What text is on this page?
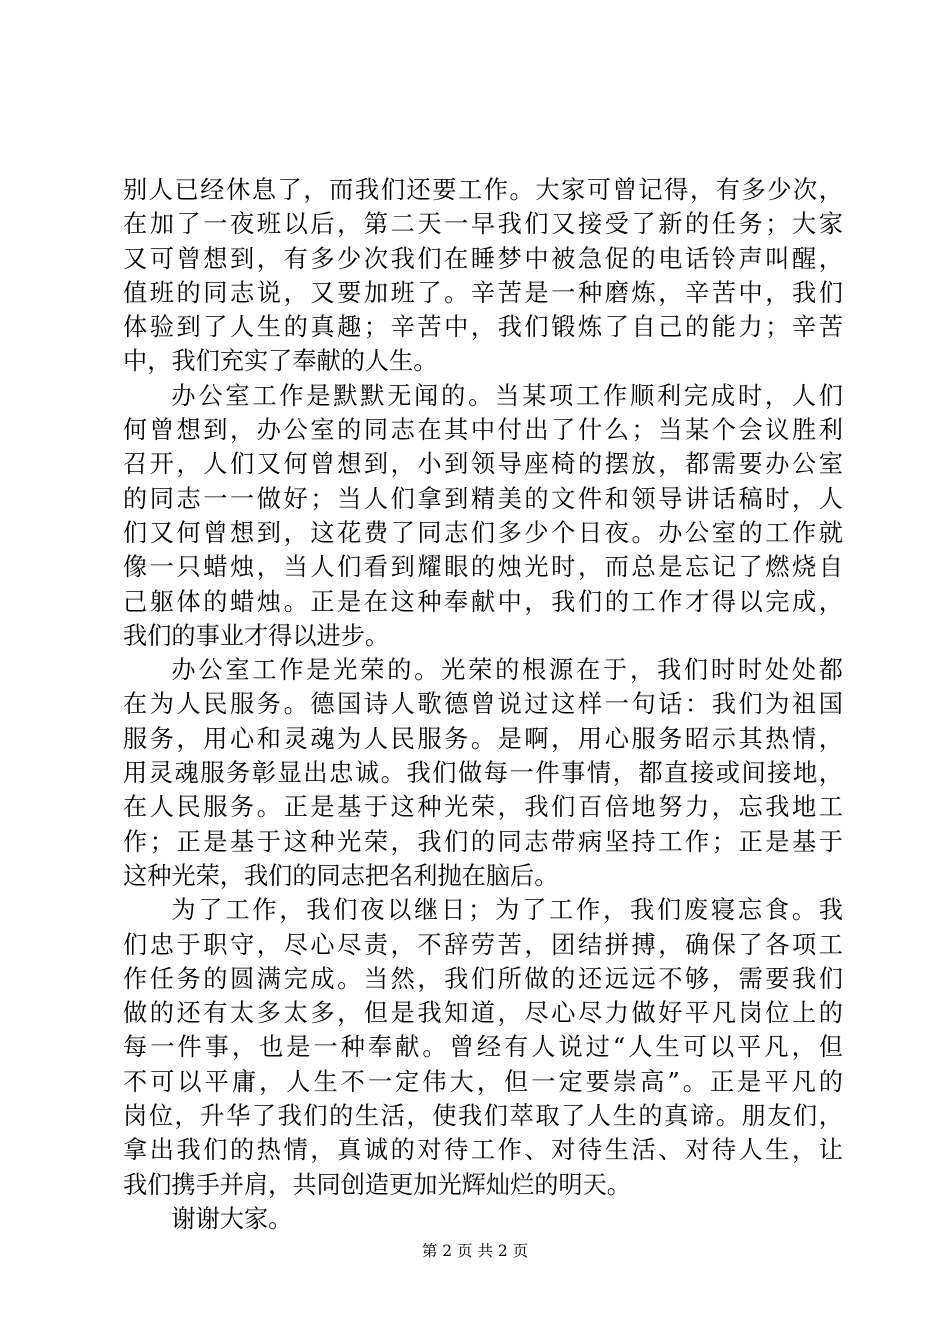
别人已经休息了，而我们还要工作。大家可曾记得，有多少次，
在加了一夜班以后，第二天一早我们又接受了新的任务；大家
又可曾想到，有多少次我们在睡梦中被急促的电话铃声叫醒，
值班的同志说，又要加班了。辛苦是一种磨炼，辛苦中，我们
体验到了人生的真趣；辛苦中，我们锻炼了自己的能力；辛苦
中，我们充实了奉献的人生。
办公室工作是默默无闻的。当某项工作顺利完成时，人们
何曾想到，办公室的同志在其中付出了什么；当某个会议胜利
召开，人们又何曾想到，小到领导座椅的摆放，都需要办公室
的同志一一做好；当人们拿到精美的文件和领导讲话稿时，人
们又何曾想到，这花费了同志们多少个日夜。办公室的工作就
像一只蜡烛，当人们看到耀眼的烛光时，而总是忘记了燃烧自
己躯体的蜡烛。正是在这种奉献中，我们的工作才得以完成，
我们的事业才得以进步。
办公室工作是光荣的。光荣的根源在于，我们时时处处都
在为人民服务。德国诗人歌德曾说过这样一句话：我们为祖国
服务，用心和灵魂为人民服务。是啊，用心服务昭示其热情，
用灵魂服务彰显出忠诚。我们做每一件事情，都直接或间接地，
在人民服务。正是基于这种光荣，我们百倍地努力，忘我地工
作；正是基于这种光荣，我们的同志带病坚持工作；正是基于
这种光荣，我们的同志把名利抛在脑后。
为了工作，我们夜以继日；为了工作，我们废寝忘食。我
们忠于职守，尽心尽责，不辞劳苦，团结拼搏，确保了各项工
作任务的圆满完成。当然，我们所做的还远远不够，需要我们
做的还有太多太多，但是我知道，尽心尽力做好平凡岗位上的
每一件事，也是一种奉献。曾经有人说过“人生可以平凡，但
不可以平庸，人生不一定伟大，但一定要崇高”。正是平凡的
岗位，升华了我们的生活，使我们萃取了人生的真谛。朋友们，
拿出我们的热情，真诚的对待工作、对待生活、对待人生，让
我们携手并肩，共同创造更加光辉灿烂的明天。
谢谢大家。
第 2 页 共 2 页
